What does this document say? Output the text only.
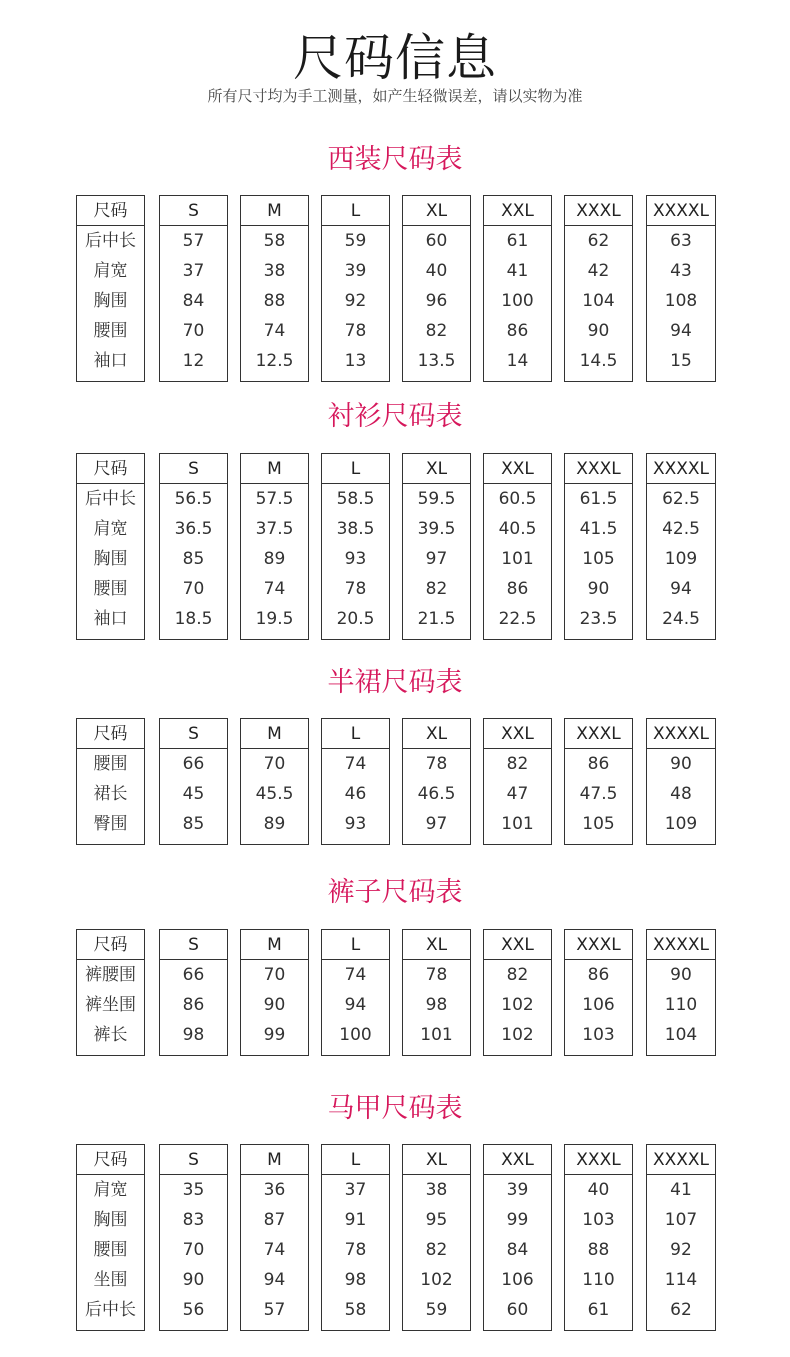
尺码信息
所有尺寸均为手工测量，如产生轻微误差，请以实物为准
西装尺码表
尺码
后中长
肩宽
胸围
腰围
袖口
S
57
37
84
70
12
M
58
38
88
74
12.5
L
59
39
92
78
13
XL
60
40
96
82
13.5
XXL
61
41
100
86
14
XXXL
62
42
104
90
14.5
XXXXL
63
43
108
94
15
衬衫尺码表
尺码
后中长
肩宽
胸围
腰围
袖口
S
56.5
36.5
85
70
18.5
M
57.5
37.5
89
74
19.5
L
58.5
38.5
93
78
20.5
XL
59.5
39.5
97
82
21.5
XXL
60.5
40.5
101
86
22.5
XXXL
61.5
41.5
105
90
23.5
XXXXL
62.5
42.5
109
94
24.5
半裙尺码表
尺码
腰围
裙长
臀围
S
66
45
85
M
70
45.5
89
L
74
46
93
XL
78
46.5
97
XXL
82
47
101
XXXL
86
47.5
105
XXXXL
90
48
109
裤子尺码表
尺码
裤腰围
裤坐围
裤长
S
66
86
98
M
70
90
99
L
74
94
100
XL
78
98
101
XXL
82
102
102
XXXL
86
106
103
XXXXL
90
110
104
马甲尺码表
尺码
肩宽
胸围
腰围
坐围
后中长
S
35
83
70
90
56
M
36
87
74
94
57
L
37
91
78
98
58
XL
38
95
82
102
59
XXL
39
99
84
106
60
XXXL
40
103
88
110
61
XXXXL
41
107
92
114
62
